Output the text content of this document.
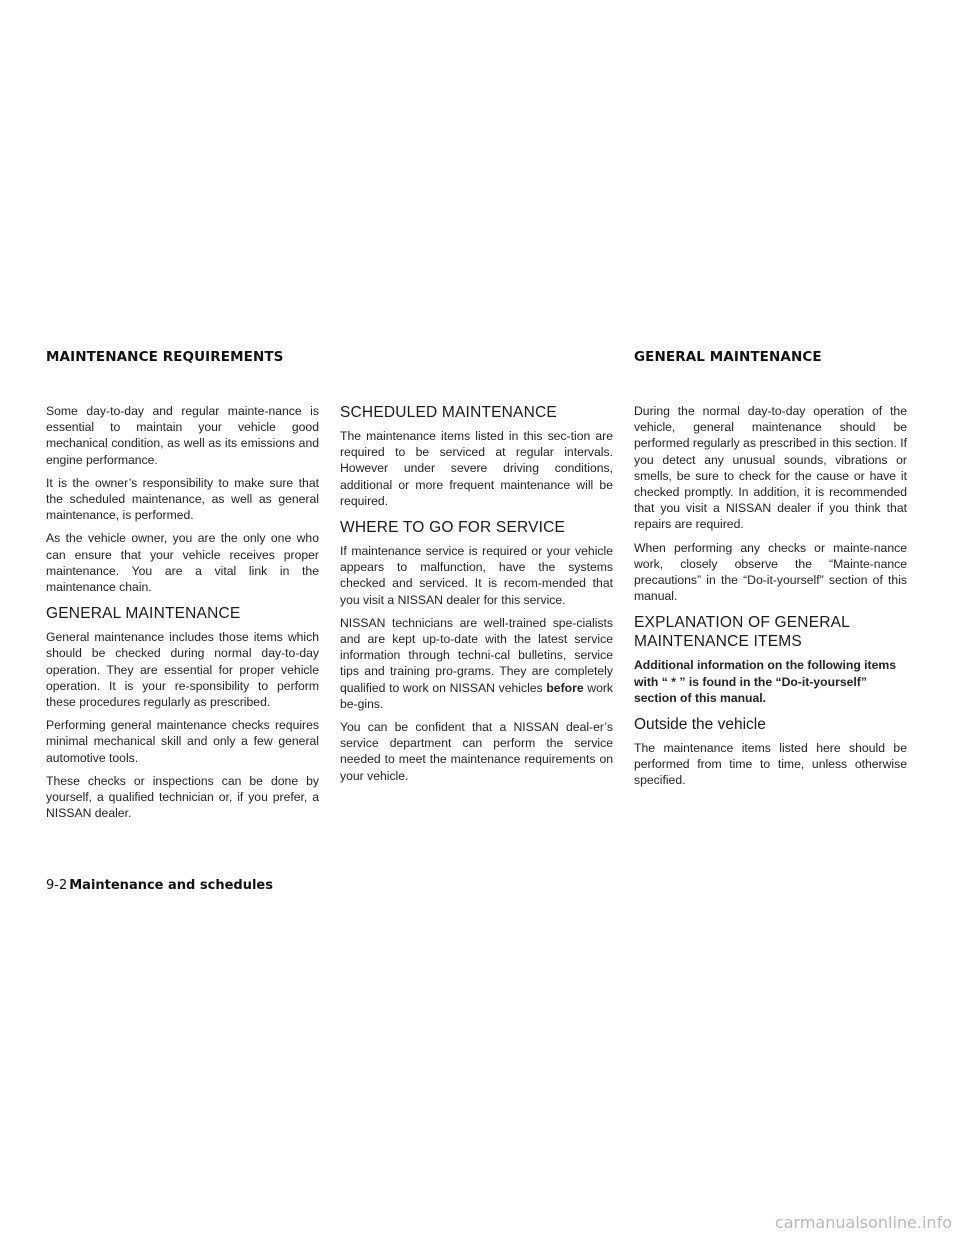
MAINTENANCE REQUIREMENTS	GENERAL MAINTENANCE

Some day-to-day and regular mainte-nance is essential to maintain your vehicle good mechanical condition, as well as its emissions and engine performance.

It is the owner’s responsibility to make sure that the scheduled maintenance, as well as general maintenance, is performed.

As the vehicle owner, you are the only one who can ensure that your vehicle receives proper maintenance. You are a vital link in the maintenance chain.

GENERAL MAINTENANCE

General maintenance includes those items which should be checked during normal day-to-day operation. They are essential for proper vehicle operation. It is your re-sponsibility to perform these procedures regularly as prescribed.

Performing general maintenance checks requires minimal mechanical skill and only a few general automotive tools.

These checks or inspections can be done by yourself, a qualified technician or, if you prefer, a NISSAN dealer.

SCHEDULED MAINTENANCE

The maintenance items listed in this sec-tion are required to be serviced at regular intervals. However under severe driving conditions, additional or more frequent maintenance will be required.

WHERE TO GO FOR SERVICE

If maintenance service is required or your vehicle appears to malfunction, have the systems checked and serviced. It is recom-mended that you visit a NISSAN dealer for this service.

NISSAN technicians are well-trained spe-cialists and are kept up-to-date with the latest service information through techni-cal bulletins, service tips and training pro-grams. They are completely qualified to work on NISSAN vehicles before work be-gins.

You can be confident that a NISSAN deal-er’s service department can perform the service needed to meet the maintenance requirements on your vehicle.

During the normal day-to-day operation of the vehicle, general maintenance should be performed regularly as prescribed in this section. If you detect any unusual sounds, vibrations or smells, be sure to check for the cause or have it checked promptly. In addition, it is recommended that you visit a NISSAN dealer if you think that repairs are required.

When performing any checks or mainte-nance work, closely observe the “Mainte-nance precautions” in the “Do-it-yourself” section of this manual.

EXPLANATION OF GENERAL MAINTENANCE ITEMS

Additional information on the following items with “ * ” is found in the “Do-it-yourself” section of this manual.

Outside the vehicle

The maintenance items listed here should be performed from time to time, unless otherwise specified.

9-2 Maintenance and schedules
carmanualsonline.info
